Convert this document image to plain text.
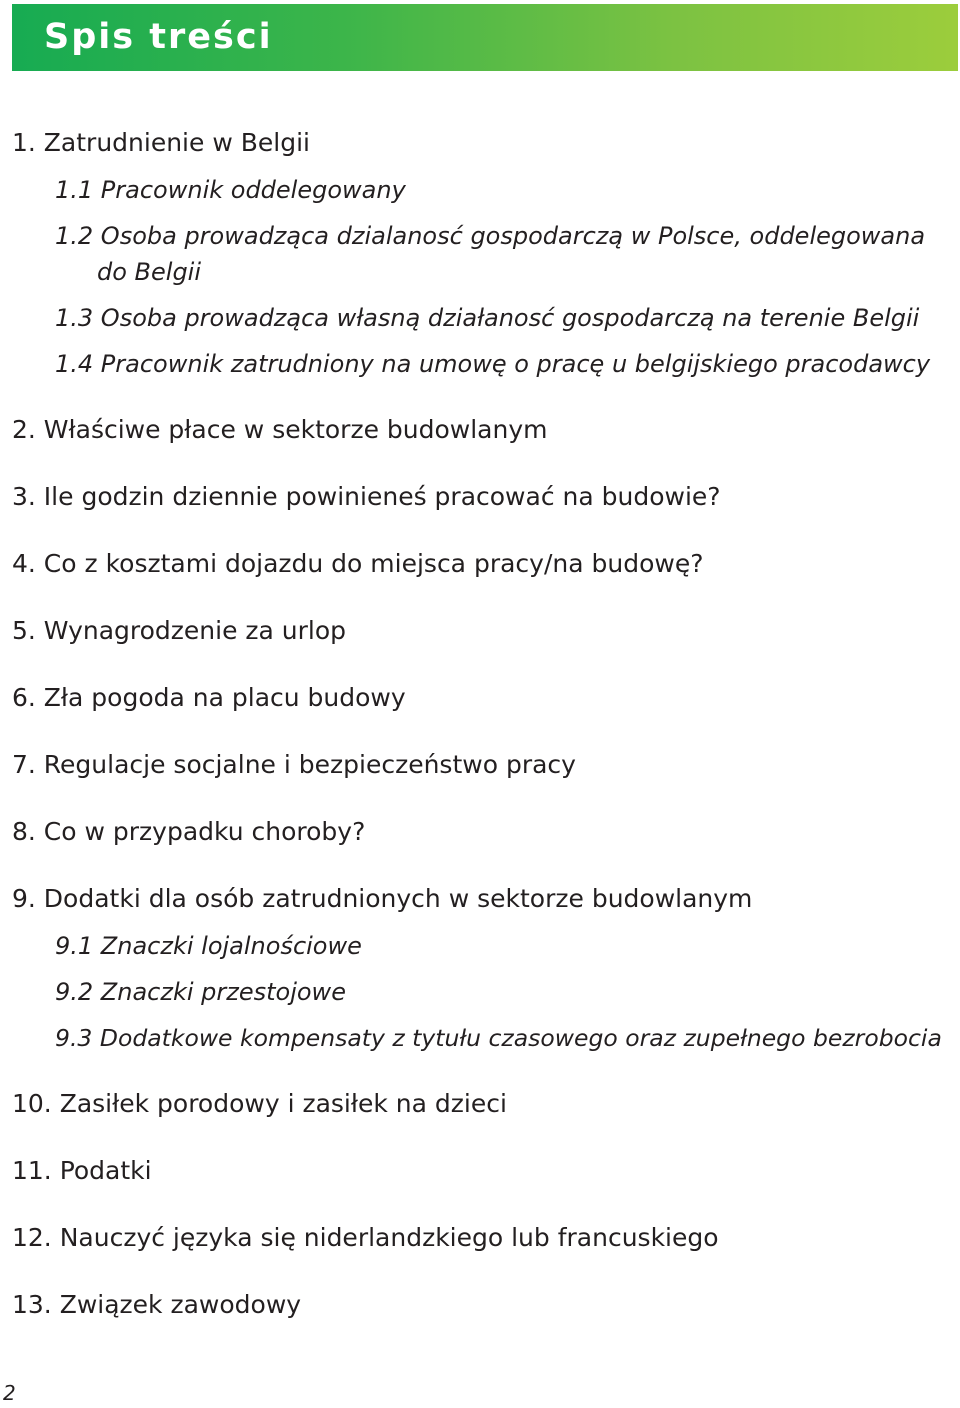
Spis treści
1. Zatrudnienie w Belgii
1.1 Pracownik oddelegowany
1.2 Osoba prowadząca dzialanosć gospodarczą w Polsce, oddelegowana
do Belgii
1.3 Osoba prowadząca własną działanosć gospodarczą na terenie Belgii
1.4 Pracownik zatrudniony na umowę o pracę u belgijskiego pracodawcy
2. Właściwe płace w sektorze budowlanym
3. Ile godzin dziennie powinieneś pracować na budowie?
4. Co z kosztami dojazdu do miejsca pracy/na budowę?
5. Wynagrodzenie za urlop
6. Zła pogoda na placu budowy
7. Regulacje socjalne i bezpieczeństwo pracy
8. Co w przypadku choroby?
9. Dodatki dla osób zatrudnionych w sektorze budowlanym
9.1 Znaczki lojalnościowe
9.2 Znaczki przestojowe
9.3 Dodatkowe kompensaty z tytułu czasowego oraz zupełnego bezrobocia
10. Zasiłek porodowy i zasiłek na dzieci
11. Podatki
12. Nauczyć języka się niderlandzkiego lub francuskiego
13. Związek zawodowy
2
